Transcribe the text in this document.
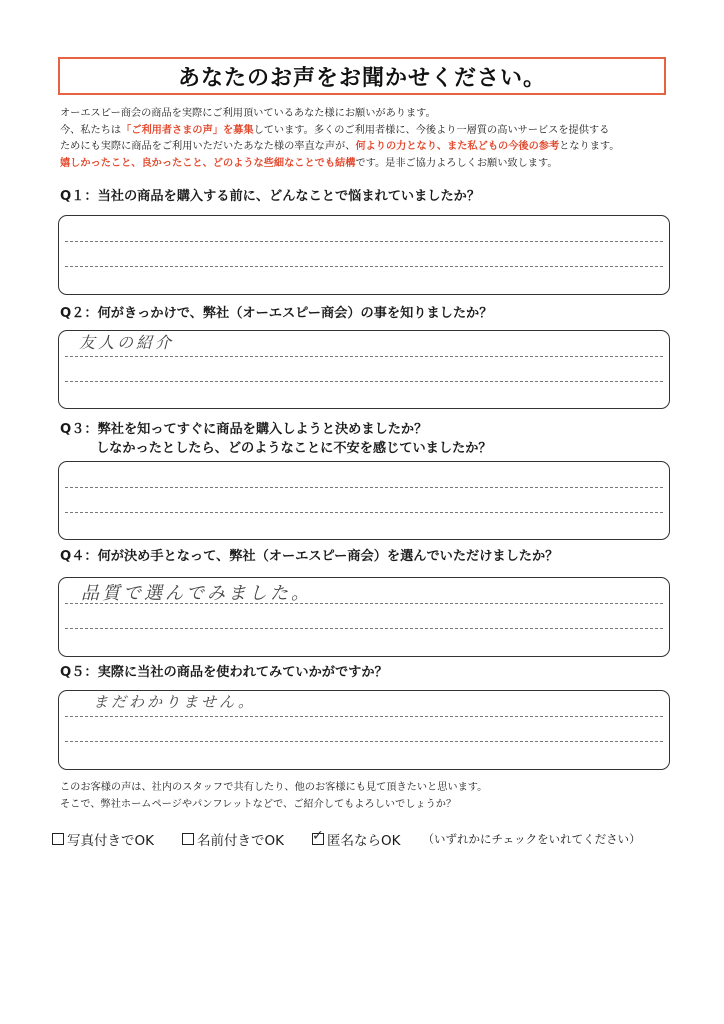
あなたのお声をお聞かせください。
オーエスピー商会の商品を実際にご利用頂いているあなた様にお願いがあります。
今、私たちは「ご利用者さまの声」を募集しています。多くのご利用者様に、今後より一層質の高いサービスを提供する
ためにも実際に商品をご利用いただいたあなた様の率直な声が、何よりの力となり、また私どもの今後の参考となります。
嬉しかったこと、良かったこと、どのような些細なことでも結構です。是非ご協力よろしくお願い致します。
Q１：当社の商品を購入する前に、どんなことで悩まれていましたか？
Q２：何がきっかけで、弊社（オーエスピー商会）の事を知りましたか？
友人の紹介
Q３：弊社を知ってすぐに商品を購入しようと決めましたか？
しなかったとしたら、どのようなことに不安を感じていましたか？
Q４：何が決め手となって、弊社（オーエスピー商会）を選んでいただけましたか？
品質で選んでみました。
Q５：実際に当社の商品を使われてみていかがですか？
まだわかりません。
このお客様の声は、社内のスタッフで共有したり、他のお客様にも見て頂きたいと思います。
そこで、弊社ホームページやパンフレットなどで、ご紹介してもよろしいでしょうか？
写真付きでOK	名前付きでOK ✓ 匿名ならOK （いずれかにチェックをいれてください）
